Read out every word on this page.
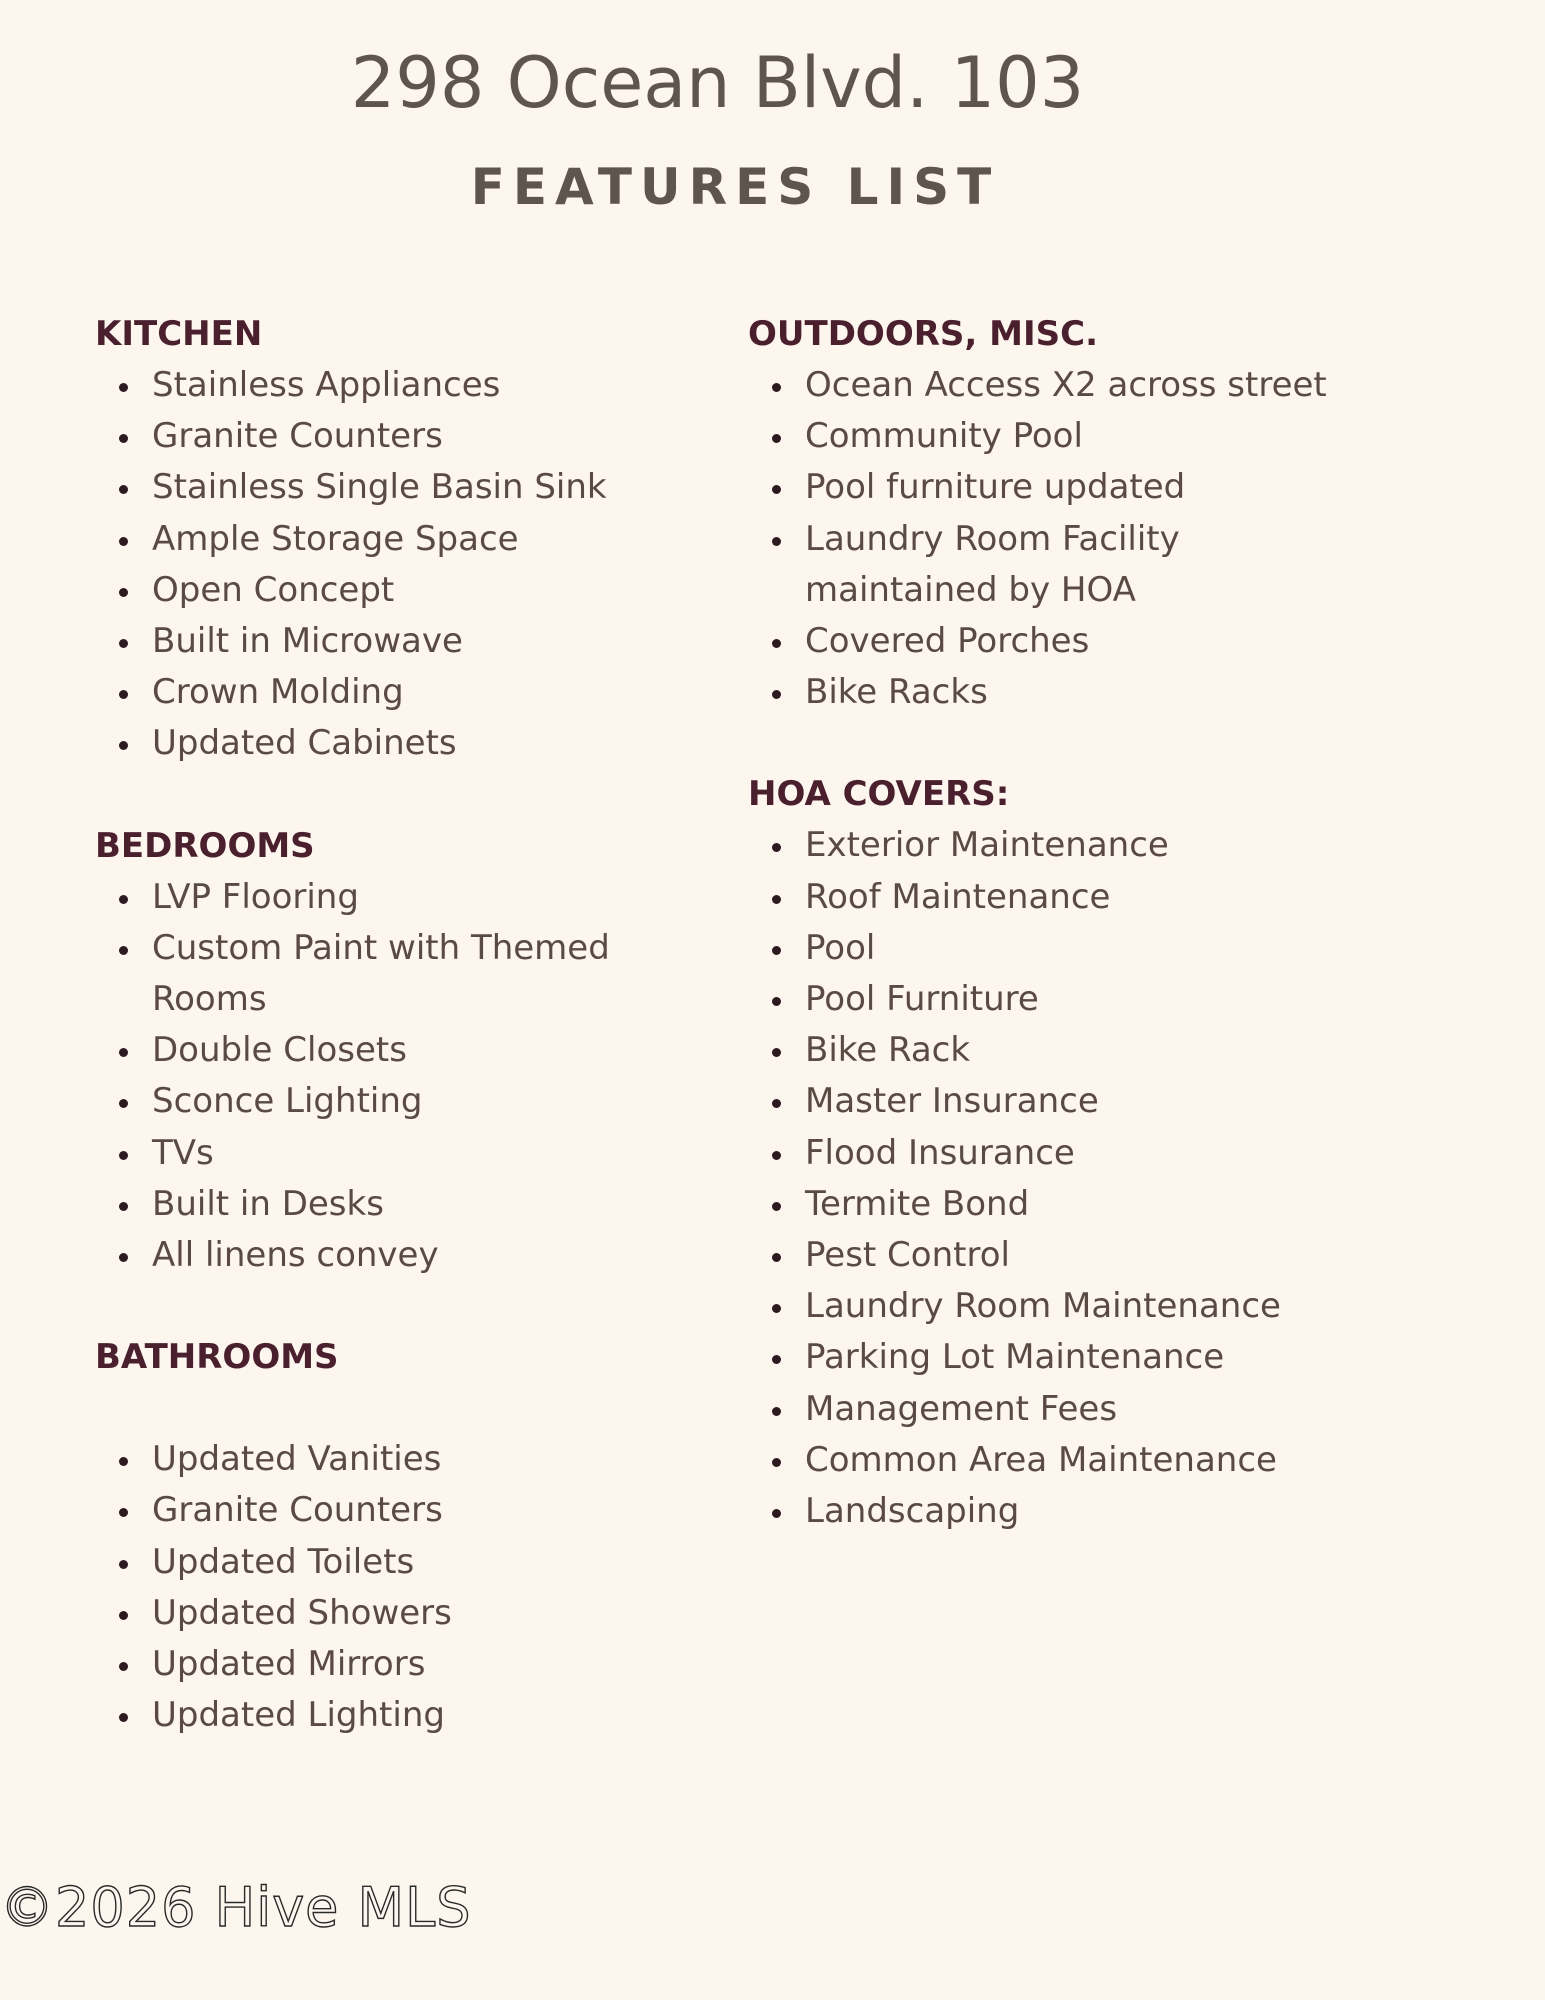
298 Ocean Blvd. 103
FEATURES LIST
KITCHEN
Stainless Appliances
Granite Counters
Stainless Single Basin Sink
Ample Storage Space
Open Concept
Built in Microwave
Crown Molding
Updated Cabinets
BEDROOMS
LVP Flooring
Custom Paint with Themed Rooms
Double Closets
Sconce Lighting
TVs
Built in Desks
All linens convey
BATHROOMS
Updated Vanities
Granite Counters
Updated Toilets
Updated Showers
Updated Mirrors
Updated Lighting
OUTDOORS, MISC.
Ocean Access X2 across street
Community Pool
Pool furniture updated
Laundry Room Facility maintained by HOA
Covered Porches
Bike Racks
HOA COVERS:
Exterior Maintenance
Roof Maintenance
Pool
Pool Furniture
Bike Rack
Master Insurance
Flood Insurance
Termite Bond
Pest Control
Laundry Room Maintenance
Parking Lot Maintenance
Management Fees
Common Area Maintenance
Landscaping
©2026 Hive MLS
